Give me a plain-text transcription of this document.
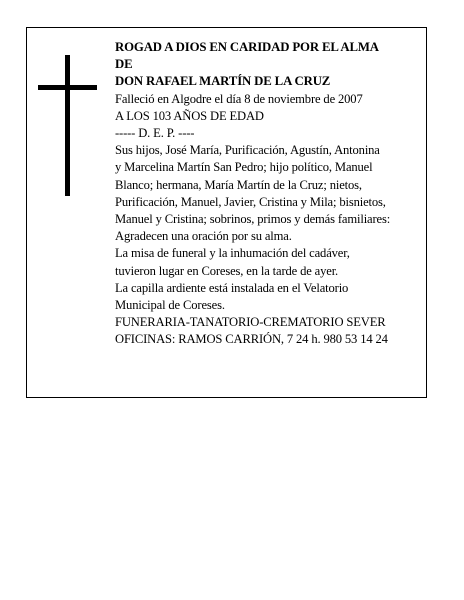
ROGAD A DIOS EN CARIDAD POR EL ALMA
DE
DON RAFAEL MARTÍN DE LA CRUZ
Falleció en Algodre el día 8 de noviembre de 2007
A LOS 103 AÑOS DE EDAD
----- D. E. P. ----
Sus hijos, José María, Purificación, Agustín, Antonina
y Marcelina Martín San Pedro; hijo político, Manuel
Blanco; hermana, María Martín de la Cruz; nietos,
Purificación, Manuel, Javier, Cristina y Mila; bisnietos,
Manuel y Cristina; sobrinos, primos y demás familiares:
Agradecen una oración por su alma.
La misa de funeral y la inhumación del cadáver,
tuvieron lugar en Coreses, en la tarde de ayer.
La capilla ardiente está instalada en el Velatorio
Municipal de Coreses.
FUNERARIA-TANATORIO-CREMATORIO SEVER
OFICINAS: RAMOS CARRIÓN, 7 24 h. 980 53 14 24
